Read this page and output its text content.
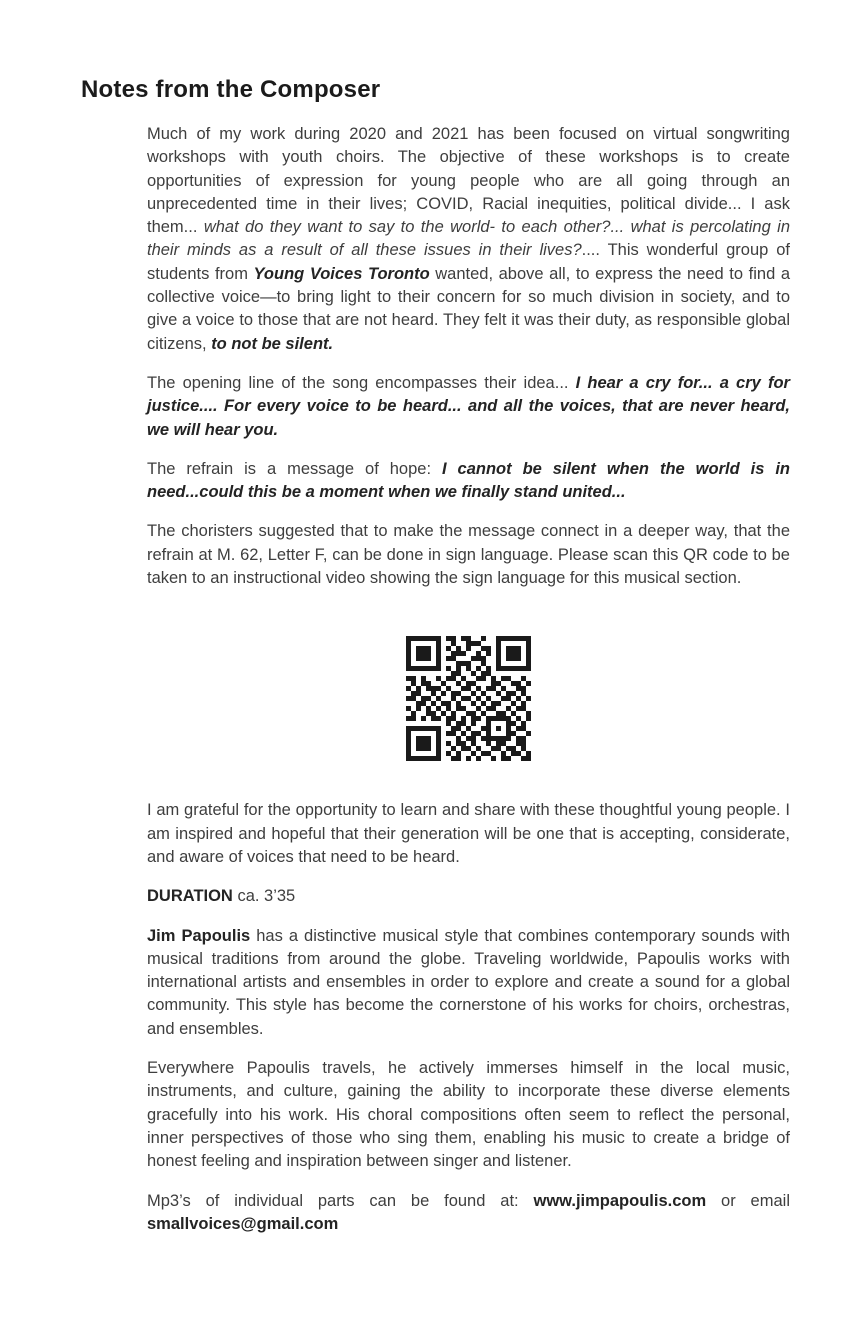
Notes from the Composer

Much of my work during 2020 and 2021 has been focused on virtual songwriting workshops with youth choirs. The objective of these workshops is to create opportunities of expression for young people who are all going through an unprecedented time in their lives; COVID, Racial inequities, political divide... I ask them... what do they want to say to the world- to each other?... what is percolating in their minds as a result of all these issues in their lives?.... This wonderful group of students from Young Voices Toronto wanted, above all, to express the need to find a collective voice—to bring light to their concern for so much division in society, and to give a voice to those that are not heard. They felt it was their duty, as responsible global citizens, to not be silent.

The opening line of the song encompasses their idea... I hear a cry for... a cry for justice.... For every voice to be heard... and all the voices, that are never heard, we will hear you.

The refrain is a message of hope: I cannot be silent when the world is in need...could this be a moment when we finally stand united...

The choristers suggested that to make the message connect in a deeper way, that the refrain at M. 62, Letter F, can be done in sign language. Please scan this QR code to be taken to an instructional video showing the sign language for this musical section.

I am grateful for the opportunity to learn and share with these thoughtful young people. I am inspired and hopeful that their generation will be one that is accepting, considerate, and aware of voices that need to be heard.

DURATION ca. 3’35

Jim Papoulis has a distinctive musical style that combines contemporary sounds with musical traditions from around the globe. Traveling worldwide, Papoulis works with international artists and ensembles in order to explore and create a sound for a global community. This style has become the cornerstone of his works for choirs, orchestras, and ensembles.

Everywhere Papoulis travels, he actively immerses himself in the local music, instruments, and culture, gaining the ability to incorporate these diverse elements gracefully into his work. His choral compositions often seem to reflect the personal, inner perspectives of those who sing them, enabling his music to create a bridge of honest feeling and inspiration between singer and listener.

Mp3’s of individual parts can be found at: www.jimpapoulis.com or email smallvoices@gmail.com
